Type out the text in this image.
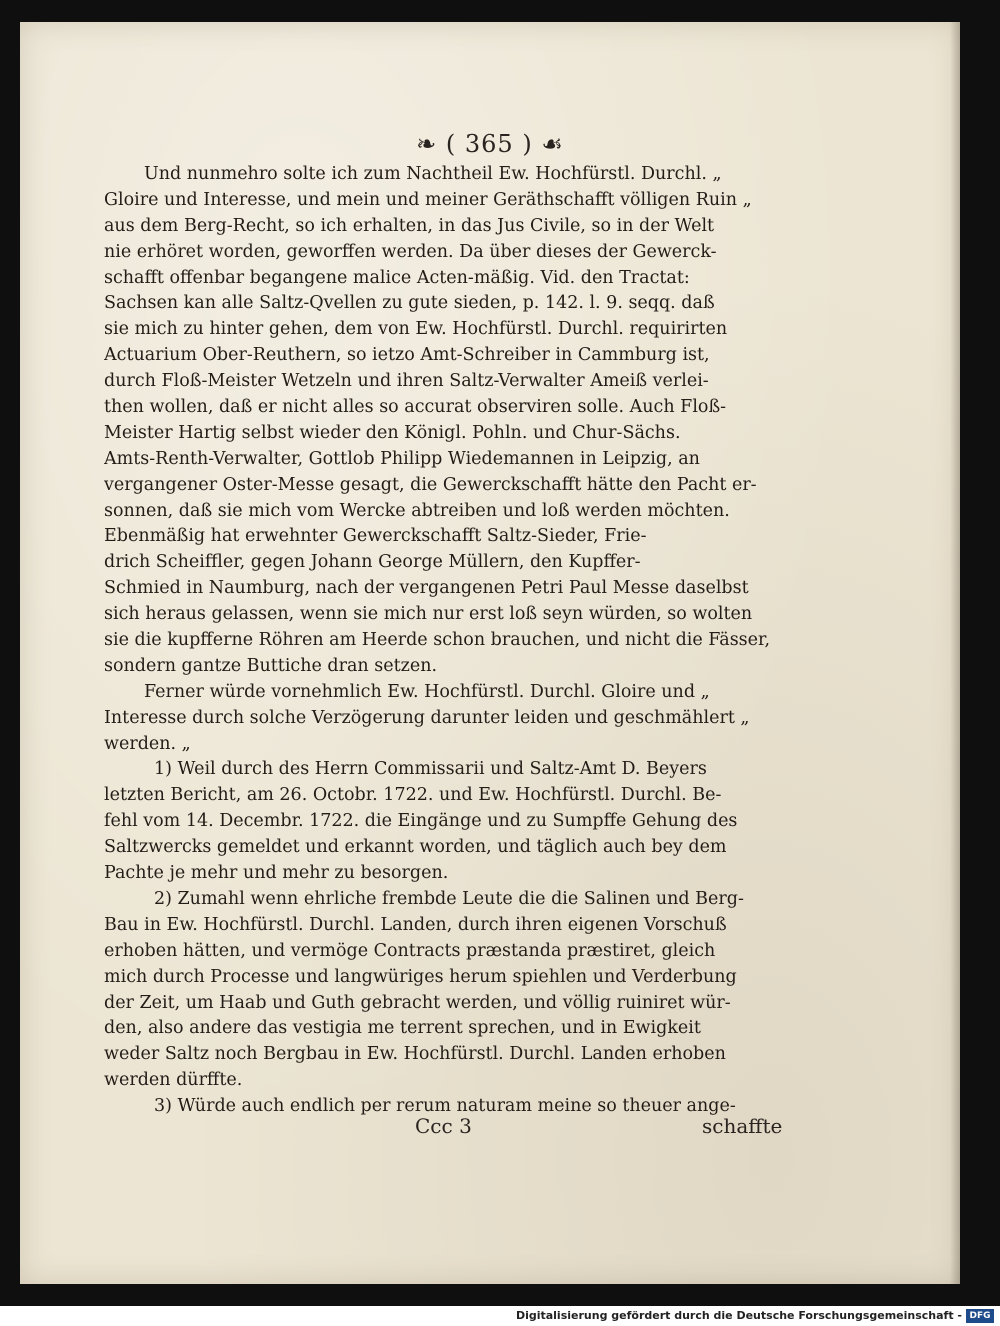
❧ ( 365 ) ☙
Und nunmehro solte ich zum Nachtheil Ew. Hochfürstl. Durchl. „
Gloire und Interesse, und mein und meiner Geräthschafft völligen Ruin „
aus dem Berg-Recht, so ich erhalten, in das Jus Civile, so in der Welt
nie erhöret worden, geworffen werden. Da über dieses der Gewerck-
schafft offenbar begangene malice Acten-mäßig. Vid. den Tractat:
Sachsen kan alle Saltz-Qvellen zu gute sieden, p. 142. l. 9. seqq. daß
sie mich zu hinter gehen, dem von Ew. Hochfürstl. Durchl. requirirten
Actuarium Ober-Reuthern, so ietzo Amt-Schreiber in Cammburg ist,
durch Floß-Meister Wetzeln und ihren Saltz-Verwalter Ameiß verlei-
then wollen, daß er nicht alles so accurat observiren solle. Auch Floß-
Meister Hartig selbst wieder den Königl. Pohln. und Chur-Sächs.
Amts-Renth-Verwalter, Gottlob Philipp Wiedemannen in Leipzig, an
vergangener Oster-Messe gesagt, die Gewerckschafft hätte den Pacht er-
sonnen, daß sie mich vom Wercke abtreiben und loß werden möchten.
Ebenmäßig hat erwehnter Gewerckschafft Saltz-Sieder, Frie-
drich Scheiffler, gegen Johann George Müllern, den Kupffer-
Schmied in Naumburg, nach der vergangenen Petri Paul Messe daselbst
sich heraus gelassen, wenn sie mich nur erst loß seyn würden, so wolten
sie die kupfferne Röhren am Heerde schon brauchen, und nicht die Fässer,
sondern gantze Buttiche dran setzen.
Ferner würde vornehmlich Ew. Hochfürstl. Durchl. Gloire und „
Interesse durch solche Verzögerung darunter leiden und geschmählert „
werden. „
1) Weil durch des Herrn Commissarii und Saltz-Amt D. Beyers
letzten Bericht, am 26. Octobr. 1722. und Ew. Hochfürstl. Durchl. Be-
fehl vom 14. Decembr. 1722. die Eingänge und zu Sumpffe Gehung des
Saltzwercks gemeldet und erkannt worden, und täglich auch bey dem
Pachte je mehr und mehr zu besorgen.
2) Zumahl wenn ehrliche frembde Leute die die Salinen und Berg-
Bau in Ew. Hochfürstl. Durchl. Landen, durch ihren eigenen Vorschuß
erhoben hätten, und vermöge Contracts præstanda præstiret, gleich
mich durch Processe und langwüriges herum spiehlen und Verderbung
der Zeit, um Haab und Guth gebracht werden, und völlig ruiniret wür-
den, also andere das vestigia me terrent sprechen, und in Ewigkeit
weder Saltz noch Bergbau in Ew. Hochfürstl. Durchl. Landen erhoben
werden dürffte.
3) Würde auch endlich per rerum naturam meine so theuer ange-
Ccc 3	schaffte
Digitalisierung gefördert durch die Deutsche Forschungsgemeinschaft - DFG
